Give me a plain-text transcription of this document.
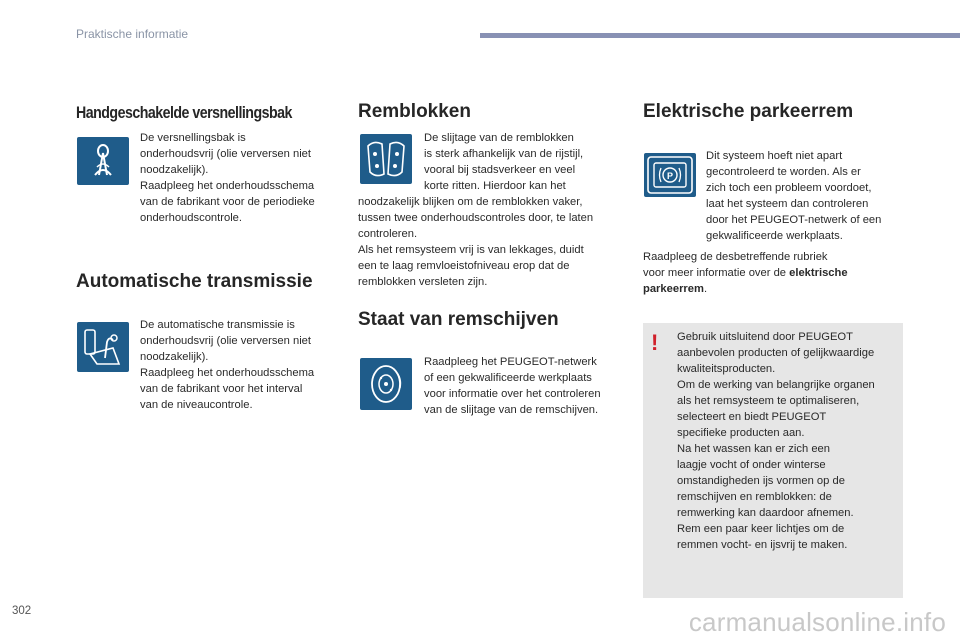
Praktische informatie
Handgeschakelde versnellingsbak

De versnellingsbak is

onderhoudsvrij (olie verversen niet

noodzakelijk).

Raadpleeg het onderhoudsschema

van de fabrikant voor de periodieke

onderhoudscontrole.

Automatische transmissie

De automatische transmissie is

onderhoudsvrij (olie verversen niet

noodzakelijk).

Raadpleeg het onderhoudsschema

van de fabrikant voor het interval

van de niveaucontrole.

Remblokken

De slijtage van de remblokken

is sterk afhankelijk van de rijstijl,

vooral bij stadsverkeer en veel

korte ritten. Hierdoor kan het

noodzakelijk blijken om de remblokken vaker,

tussen twee onderhoudscontroles door, te laten

controleren.

Als het remsysteem vrij is van lekkages, duidt

een te laag remvloeistofniveau erop dat de

remblokken versleten zijn.

Staat van remschijven

Raadpleeg het PEUGEOT-netwerk

of een gekwalificeerde werkplaats

voor informatie over het controleren

van de slijtage van de remschijven.

Elektrische parkeerrem
P

Dit systeem hoeft niet apart

gecontroleerd te worden. Als er

zich toch een probleem voordoet,

laat het systeem dan controleren

door het PEUGEOT-netwerk of een

gekwalificeerde werkplaats.

Raadpleeg de desbetreffende rubriek

voor meer informatie over de elektrische

parkeerrem.

! Gebruik uitsluitend door PEUGEOT

aanbevolen producten of gelijkwaardige

kwaliteitsproducten.

Om de werking van belangrijke organen

als het remsysteem te optimaliseren,

selecteert en biedt PEUGEOT

specifieke producten aan.

Na het wassen kan er zich een

laagje vocht of onder winterse

omstandigheden ijs vormen op de

remschijven en remblokken: de

remwerking kan daardoor afnemen.

Rem een paar keer lichtjes om de

remmen vocht- en ijsvrij te maken.

302	carmanualsonline.info
